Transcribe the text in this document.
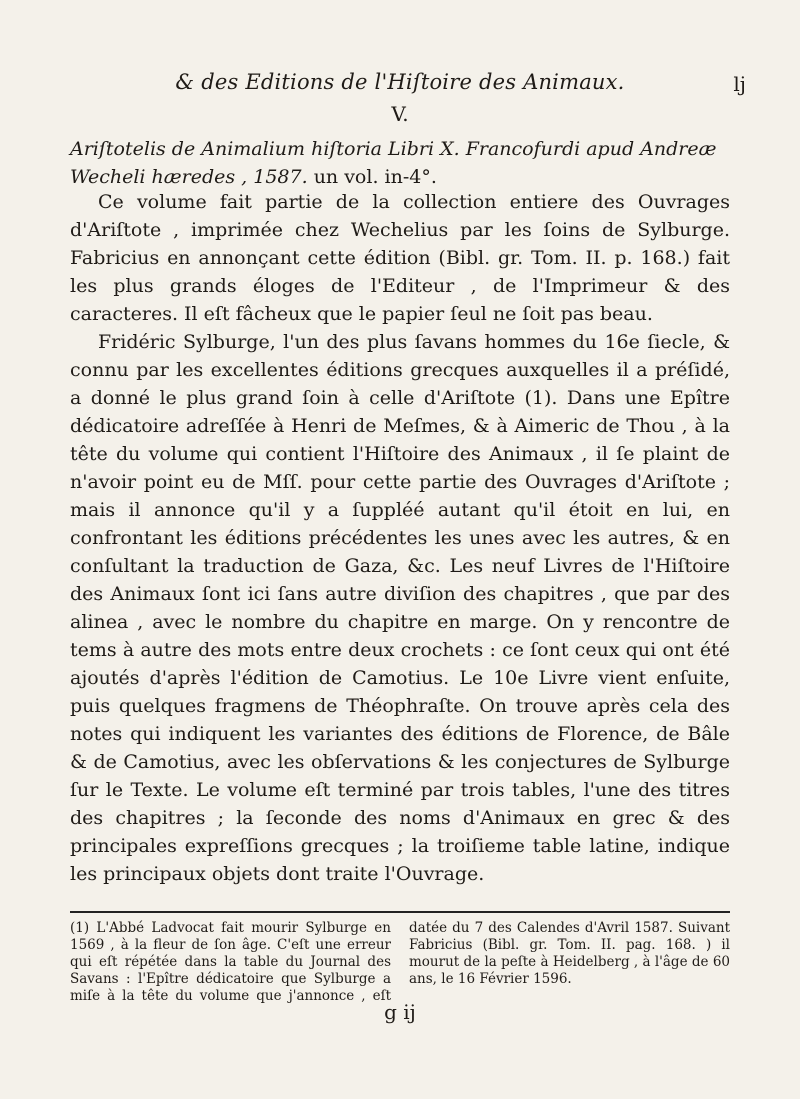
& des Editions de l'Hiſtoire des Animaux.	lj
V.
Ariſtotelis de Animalium hiſtoria Libri X. Francofurdi apud Andreæ Wecheli hæredes , 1587. un vol. in-4°.

Ce volume fait partie de la collection entiere des Ouvrages d'Ariſtote , imprimée chez Wechelius par les ſoins de Sylburge. Fabricius en annonçant cette édition (Bibl. gr. Tom. II. p. 168.) fait les plus grands éloges de l'Editeur , de l'Imprimeur & des caracteres. Il eſt fâcheux que le papier ſeul ne ſoit pas beau.

Fridéric Sylburge, l'un des plus ſavans hommes du 16e ſiecle, & connu par les excellentes éditions grecques auxquelles il a préſidé, a donné le plus grand ſoin à celle d'Ariſtote (1). Dans une Epître dédicatoire adreſſée à Henri de Meſmes, & à Aimeric de Thou , à la tête du volume qui contient l'Hiſtoire des Animaux , il ſe plaint de n'avoir point eu de Mſſ. pour cette partie des Ouvrages d'Ariſtote ; mais il annonce qu'il y a ſuppléé autant qu'il étoit en lui, en confrontant les éditions précédentes les unes avec les autres, & en conſultant la traduction de Gaza, &c. Les neuf Livres de l'Hiſtoire des Animaux ſont ici ſans autre diviſion des chapitres , que par des alinea , avec le nombre du chapitre en marge. On y rencontre de tems à autre des mots entre deux crochets : ce ſont ceux qui ont été ajoutés d'après l'édition de Camotius. Le 10e Livre vient enſuite, puis quelques fragmens de Théophraſte. On trouve après cela des notes qui indiquent les variantes des éditions de Florence, de Bâle & de Camotius, avec les obſervations & les conjectures de Sylburge ſur le Texte. Le volume eſt terminé par trois tables, l'une des titres des chapitres ; la ſeconde des noms d'Animaux en grec & des principales expreſſions grecques ; la troiſieme table latine, indique les principaux objets dont traite l'Ouvrage.

(1) L'Abbé Ladvocat fait mourir Sylburge en 1569 , à la fleur de ſon âge. C'eſt une erreur qui eſt répétée dans la table du Journal des Savans : l'Epître dédicatoire que Sylburge a miſe à la tête du volume que j'annonce , eſt datée du 7 des Calendes d'Avril 1587. Suivant Fabricius (Bibl. gr. Tom. II. pag. 168. ) il mourut de la peſte à Heidelberg , à l'âge de 60 ans, le 16 Février 1596.
g ij
